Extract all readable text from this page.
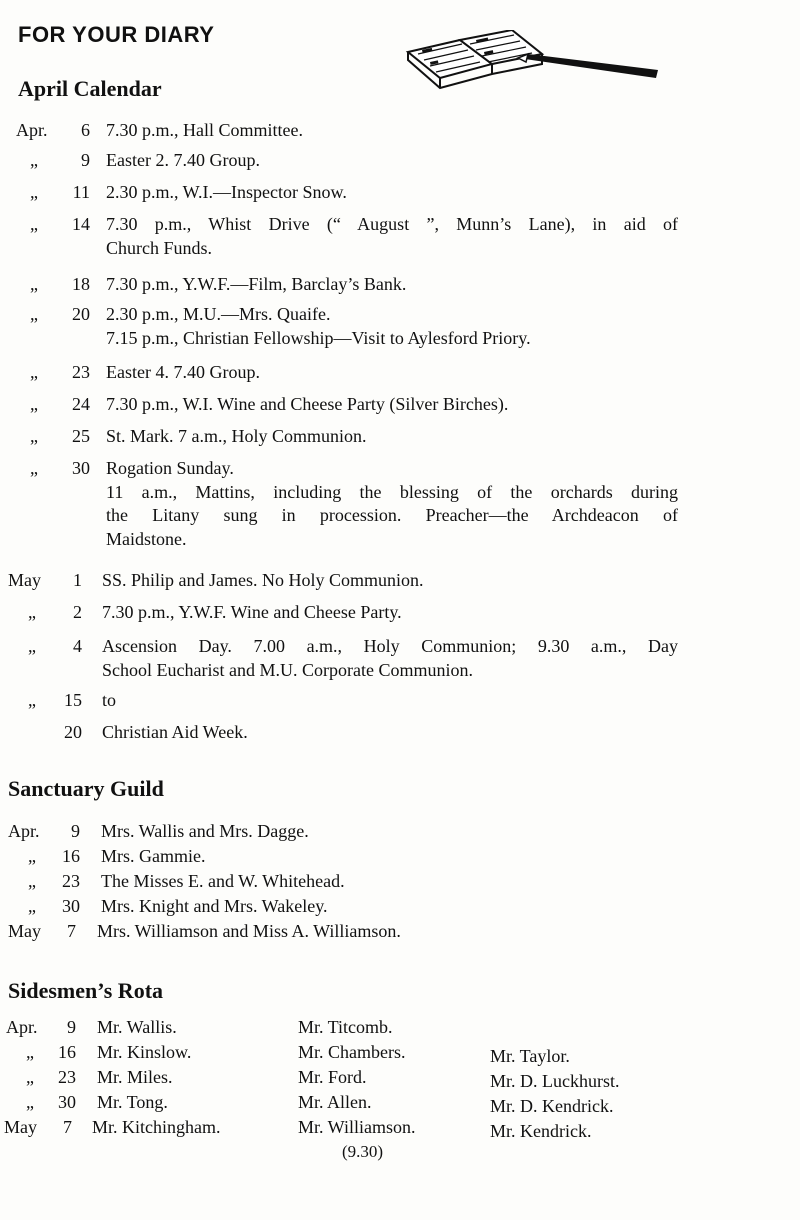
FOR YOUR DIARY
April Calendar
Apr.	6 7.30 p.m., Hall Committee.
„	9 Easter 2. 7.40 Group.
„	11 2.30 p.m., W.I.—Inspector Snow.
„	14 7.30 p.m., Whist Drive (“ August ”, Munn’s Lane), in aid of
Church Funds.
„	18 7.30 p.m., Y.W.F.—Film, Barclay’s Bank.
„	20 2.30 p.m., M.U.—Mrs. Quaife.
7.15 p.m., Christian Fellowship—Visit to Aylesford Priory.
„	23 Easter 4. 7.40 Group.
„	24 7.30 p.m., W.I. Wine and Cheese Party (Silver Birches).
„	25 St. Mark. 7 a.m., Holy Communion.
„	30 Rogation Sunday.
11 a.m., Mattins, including the blessing of the orchards during
the Litany sung in procession. Preacher—the Archdeacon of
Maidstone.
May	1 SS. Philip and James. No Holy Communion.
„	2 7.30 p.m., Y.W.F. Wine and Cheese Party.
„	4 Ascension Day. 7.00 a.m., Holy Communion; 9.30 a.m., Day
School Eucharist and M.U. Corporate Communion.
„	15 to
20 Christian Aid Week.
Sanctuary Guild
Apr.	9 Mrs. Wallis and Mrs. Dagge.
„	16 Mrs. Gammie.
„	23 The Misses E. and W. Whitehead.
„	30 Mrs. Knight and Mrs. Wakeley.
May	7 Mrs. Williamson and Miss A. Williamson.
Sidesmen’s Rota
Apr.	9 Mr. Wallis.	Mr. Titcomb.
„	16 Mr. Kinslow.	Mr. Chambers.	Mr. Taylor.
„	23 Mr. Miles.	Mr. Ford.	Mr. D. Luckhurst.
„	30 Mr. Tong.	Mr. Allen.	Mr. D. Kendrick.
May	7 Mr. Kitchingham.	Mr. Williamson.	Mr. Kendrick.
(9.30)
